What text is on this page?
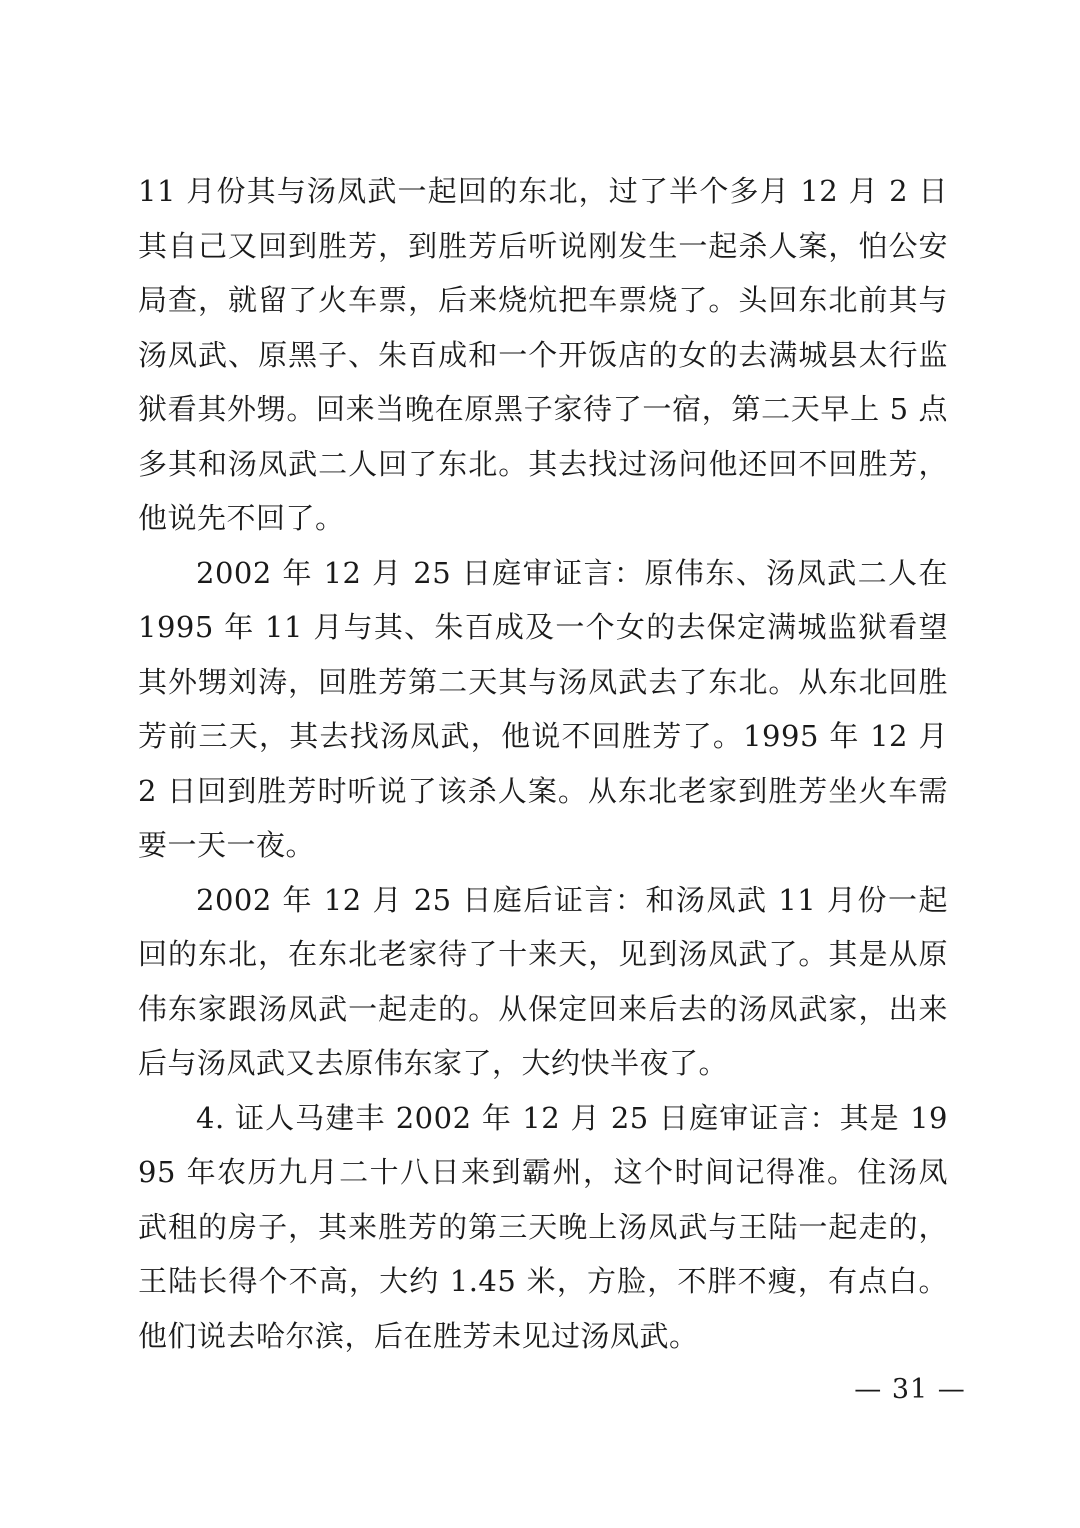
11 月份其与汤凤武一起回的东北，过了半个多月 12 月 2 日其自己又回到胜芳，到胜芳后听说刚发生一起杀人案，怕公安局查，就留了火车票，后来烧炕把车票烧了。头回东北前其与汤凤武、原黑子、朱百成和一个开饭店的女的去满城县太行监狱看其外甥。回来当晚在原黑子家待了一宿，第二天早上 5 点多其和汤凤武二人回了东北。其去找过汤问他还回不回胜芳，他说先不回了。

2002 年 12 月 25 日庭审证言：原伟东、汤凤武二人在 1995 年 11 月与其、朱百成及一个女的去保定满城监狱看望其外甥刘涛，回胜芳第二天其与汤凤武去了东北。从东北回胜芳前三天，其去找汤凤武，他说不回胜芳了。1995 年 12 月 2 日回到胜芳时听说了该杀人案。从东北老家到胜芳坐火车需要一天一夜。

2002 年 12 月 25 日庭后证言：和汤凤武 11 月份一起回的东北，在东北老家待了十来天，见到汤凤武了。其是从原伟东家跟汤凤武一起走的。从保定回来后去的汤凤武家，出来后与汤凤武又去原伟东家了，大约快半夜了。

4. 证人马建丰 2002 年 12 月 25 日庭审证言：其是 1995 年农历九月二十八日来到霸州，这个时间记得准。住汤凤武租的房子，其来胜芳的第三天晚上汤凤武与王陆一起走的，王陆长得个不高，大约 1.45 米，方脸，不胖不瘦，有点白。他们说去哈尔滨，后在胜芳未见过汤凤武。

— 31 —
